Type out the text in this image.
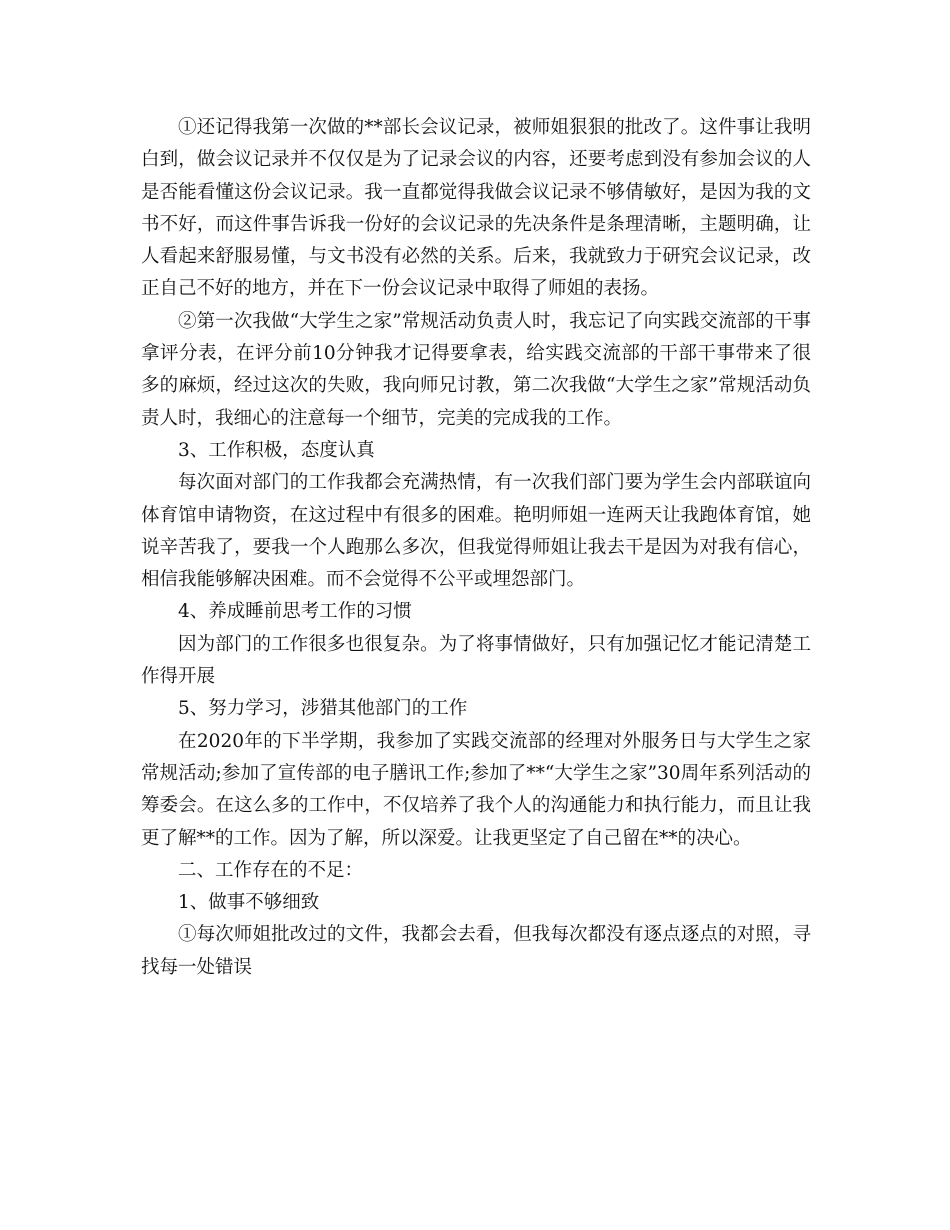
①还记得我第一次做的**部长会议记录，被师姐狠狠的批改了。这件事让我明白到，做会议记录并不仅仅是为了记录会议的内容，还要考虑到没有参加会议的人是否能看懂这份会议记录。我一直都觉得我做会议记录不够倩敏好，是因为我的文书不好，而这件事告诉我一份好的会议记录的先决条件是条理清晰，主题明确，让人看起来舒服易懂，与文书没有必然的关系。后来，我就致力于研究会议记录，改正自己不好的地方，并在下一份会议记录中取得了师姐的表扬。

②第一次我做“大学生之家”常规活动负责人时，我忘记了向实践交流部的干事拿评分表，在评分前10分钟我才记得要拿表，给实践交流部的干部干事带来了很多的麻烦，经过这次的失败，我向师兄讨教，第二次我做“大学生之家”常规活动负责人时，我细心的注意每一个细节，完美的完成我的工作。

3、工作积极，态度认真

每次面对部门的工作我都会充满热情，有一次我们部门要为学生会内部联谊向体育馆申请物资，在这过程中有很多的困难。艳明师姐一连两天让我跑体育馆，她说辛苦我了，要我一个人跑那么多次，但我觉得师姐让我去干是因为对我有信心，相信我能够解决困难。而不会觉得不公平或埋怨部门。

4、养成睡前思考工作的习惯

因为部门的工作很多也很复杂。为了将事情做好，只有加强记忆才能记清楚工作得开展

5、努力学习，涉猎其他部门的工作

在2020年的下半学期，我参加了实践交流部的经理对外服务日与大学生之家常规活动;参加了宣传部的电子膳讯工作;参加了**“大学生之家”30周年系列活动的筹委会。在这么多的工作中，不仅培养了我个人的沟通能力和执行能力，而且让我更了解**的工作。因为了解，所以深爱。让我更坚定了自己留在**的决心。

二、工作存在的不足：

1、做事不够细致

①每次师姐批改过的文件，我都会去看，但我每次都没有逐点逐点的对照，寻找每一处错误
